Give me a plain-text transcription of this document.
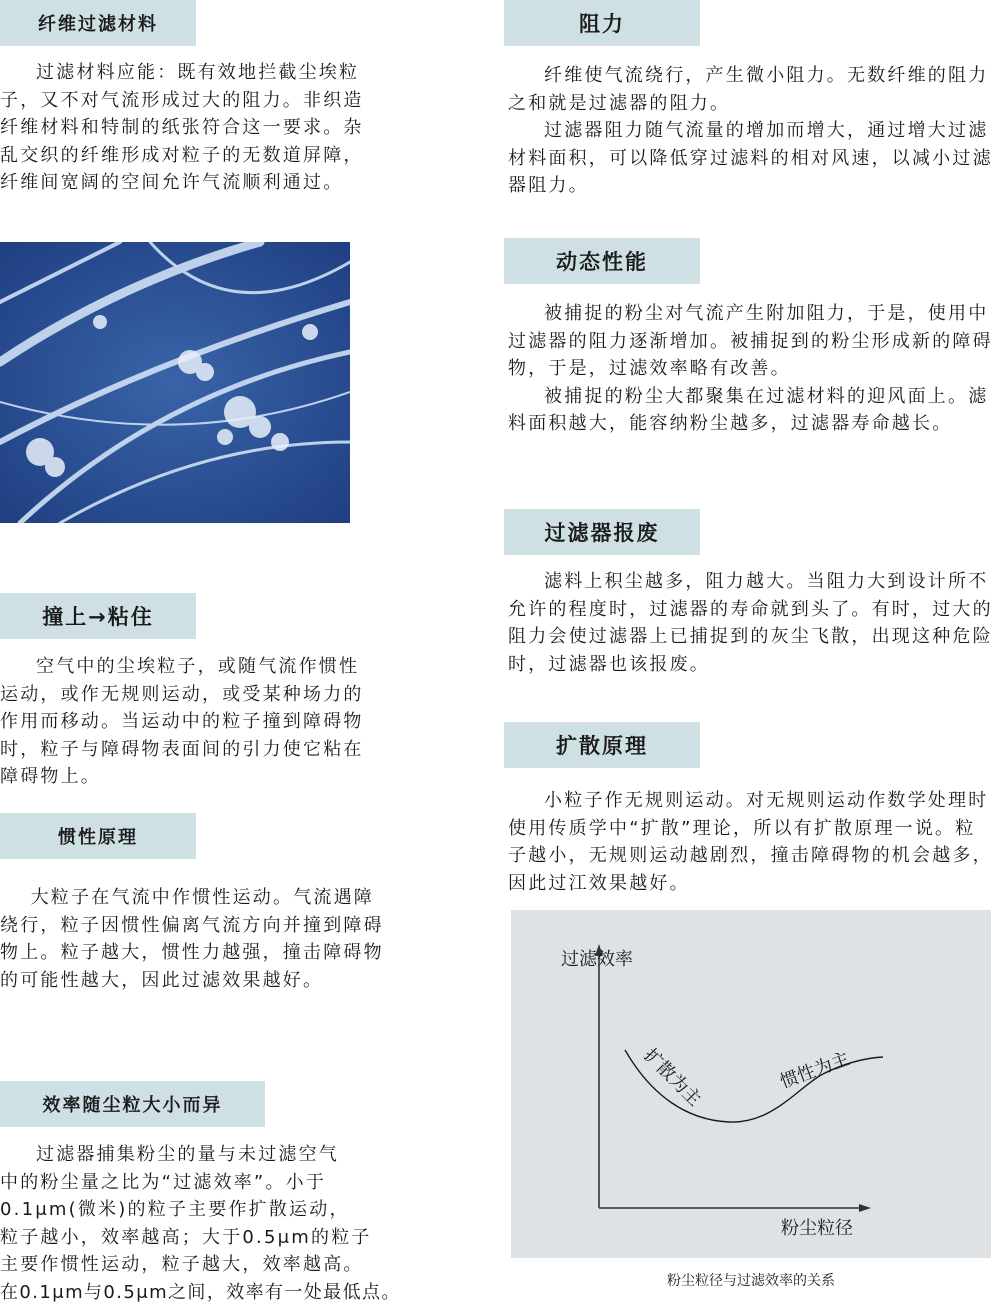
纤维过滤材料
过滤材料应能：既有效地拦截尘埃粒
子，又不对气流形成过大的阻力。非织造
纤维材料和特制的纸张符合这一要求。杂
乱交织的纤维形成对粒子的无数道屏障，
纤维间宽阔的空间允许气流顺利通过。
撞上→粘住
空气中的尘埃粒子，或随气流作惯性
运动，或作无规则运动，或受某种场力的
作用而移动。当运动中的粒子撞到障碍物
时，粒子与障碍物表面间的引力使它粘在
障碍物上。
惯性原理
大粒子在气流中作惯性运动。气流遇障
绕行，粒子因惯性偏离气流方向并撞到障碍
物上。粒子越大，惯性力越强，撞击障碍物
的可能性越大，因此过滤效果越好。
效率随尘粒大小而异
过滤器捕集粉尘的量与未过滤空气
中的粉尘量之比为“过滤效率”。小于
0.1μm(微米)的粒子主要作扩散运动，
粒子越小，效率越高；大于0.5μm的粒子
主要作惯性运动，粒子越大，效率越高。
在0.1μm与0.5μm之间，效率有一处最低点。
阻力

纤维使气流绕行，产生微小阻力。无数纤维的阻力之和就是过滤器的阻力。

过滤器阻力随气流量的增加而增大，通过增大过滤材料面积，可以降低穿过滤料的相对风速，以减小过滤器阻力。

动态性能

被捕捉的粉尘对气流产生附加阻力，于是，使用中过滤器的阻力逐渐增加。被捕捉到的粉尘形成新的障碍物，于是，过滤效率略有改善。

被捕捉的粉尘大都聚集在过滤材料的迎风面上。滤料面积越大，能容纳粉尘越多，过滤器寿命越长。

过滤器报废

滤料上积尘越多，阻力越大。当阻力大到设计所不允许的程度时，过滤器的寿命就到头了。有时，过大的阻力会使过滤器上已捕捉到的灰尘飞散，出现这种危险时，过滤器也该报废。

扩散原理

小粒子作无规则运动。对无规则运动作数学处理时使用传质学中“扩散”理论，所以有扩散原理一说。粒子越小，无规则运动越剧烈，撞击障碍物的机会越多，因此过江效果越好。

过滤效率
粉尘粒径
扩散为主	惯性为主
粉尘粒径与过滤效率的关系
